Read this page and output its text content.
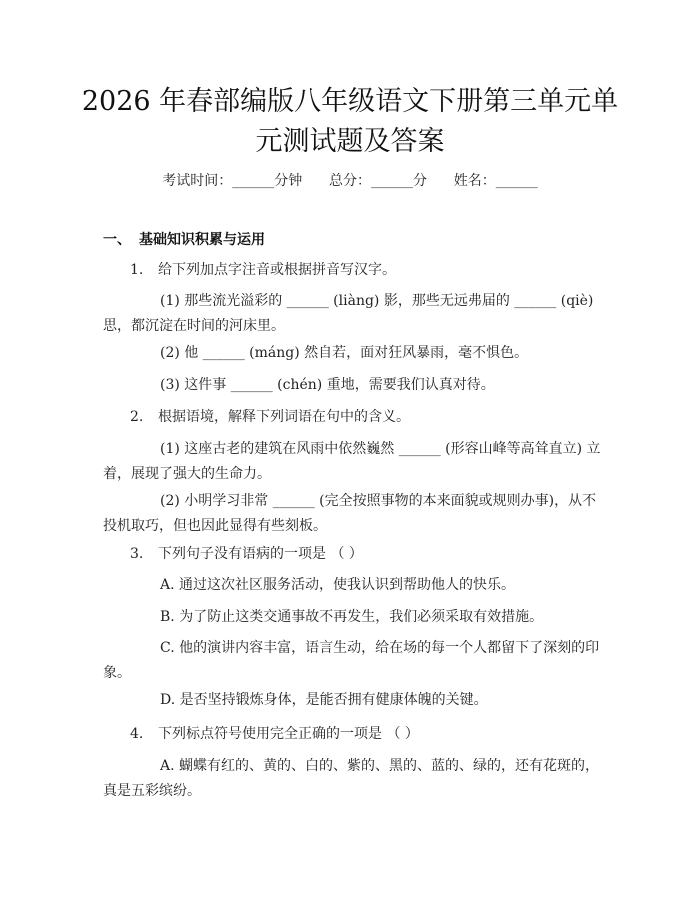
2026 年春部编版八年级语文下册第三单元单
元测试题及答案
考试时间：______分钟      总分：______分      姓名：______
一、 基础知识积累与运用
1. 给下列加点字注音或根据拼音写汉字。
(1) 那些流光溢彩的 ______ (liàng) 影，那些无远弗届的 ______ (qiè) 思，都沉淀在时间的河床里。
(2) 他 ______ (máng) 然自若，面对狂风暴雨，毫不惧色。
(3) 这件事 ______ (chén) 重地，需要我们认真对待。
2. 根据语境，解释下列词语在句中的含义。
(1) 这座古老的建筑在风雨中依然巍然 ______ (形容山峰等高耸直立) 立着，展现了强大的生命力。
(2) 小明学习非常 ______ (完全按照事物的本来面貌或规则办事)，从不投机取巧，但也因此显得有些刻板。
3. 下列句子没有语病的一项是 （ ）
A. 通过这次社区服务活动，使我认识到帮助他人的快乐。
B. 为了防止这类交通事故不再发生，我们必须采取有效措施。
C. 他的演讲内容丰富，语言生动，给在场的每一个人都留下了深刻的印象。
D. 是否坚持锻炼身体，是能否拥有健康体魄的关键。
4. 下列标点符号使用完全正确的一项是 （ ）
A. 蝴蝶有红的、黄的、白的、紫的、黑的、蓝的、绿的，还有花斑的，真是五彩缤纷。
